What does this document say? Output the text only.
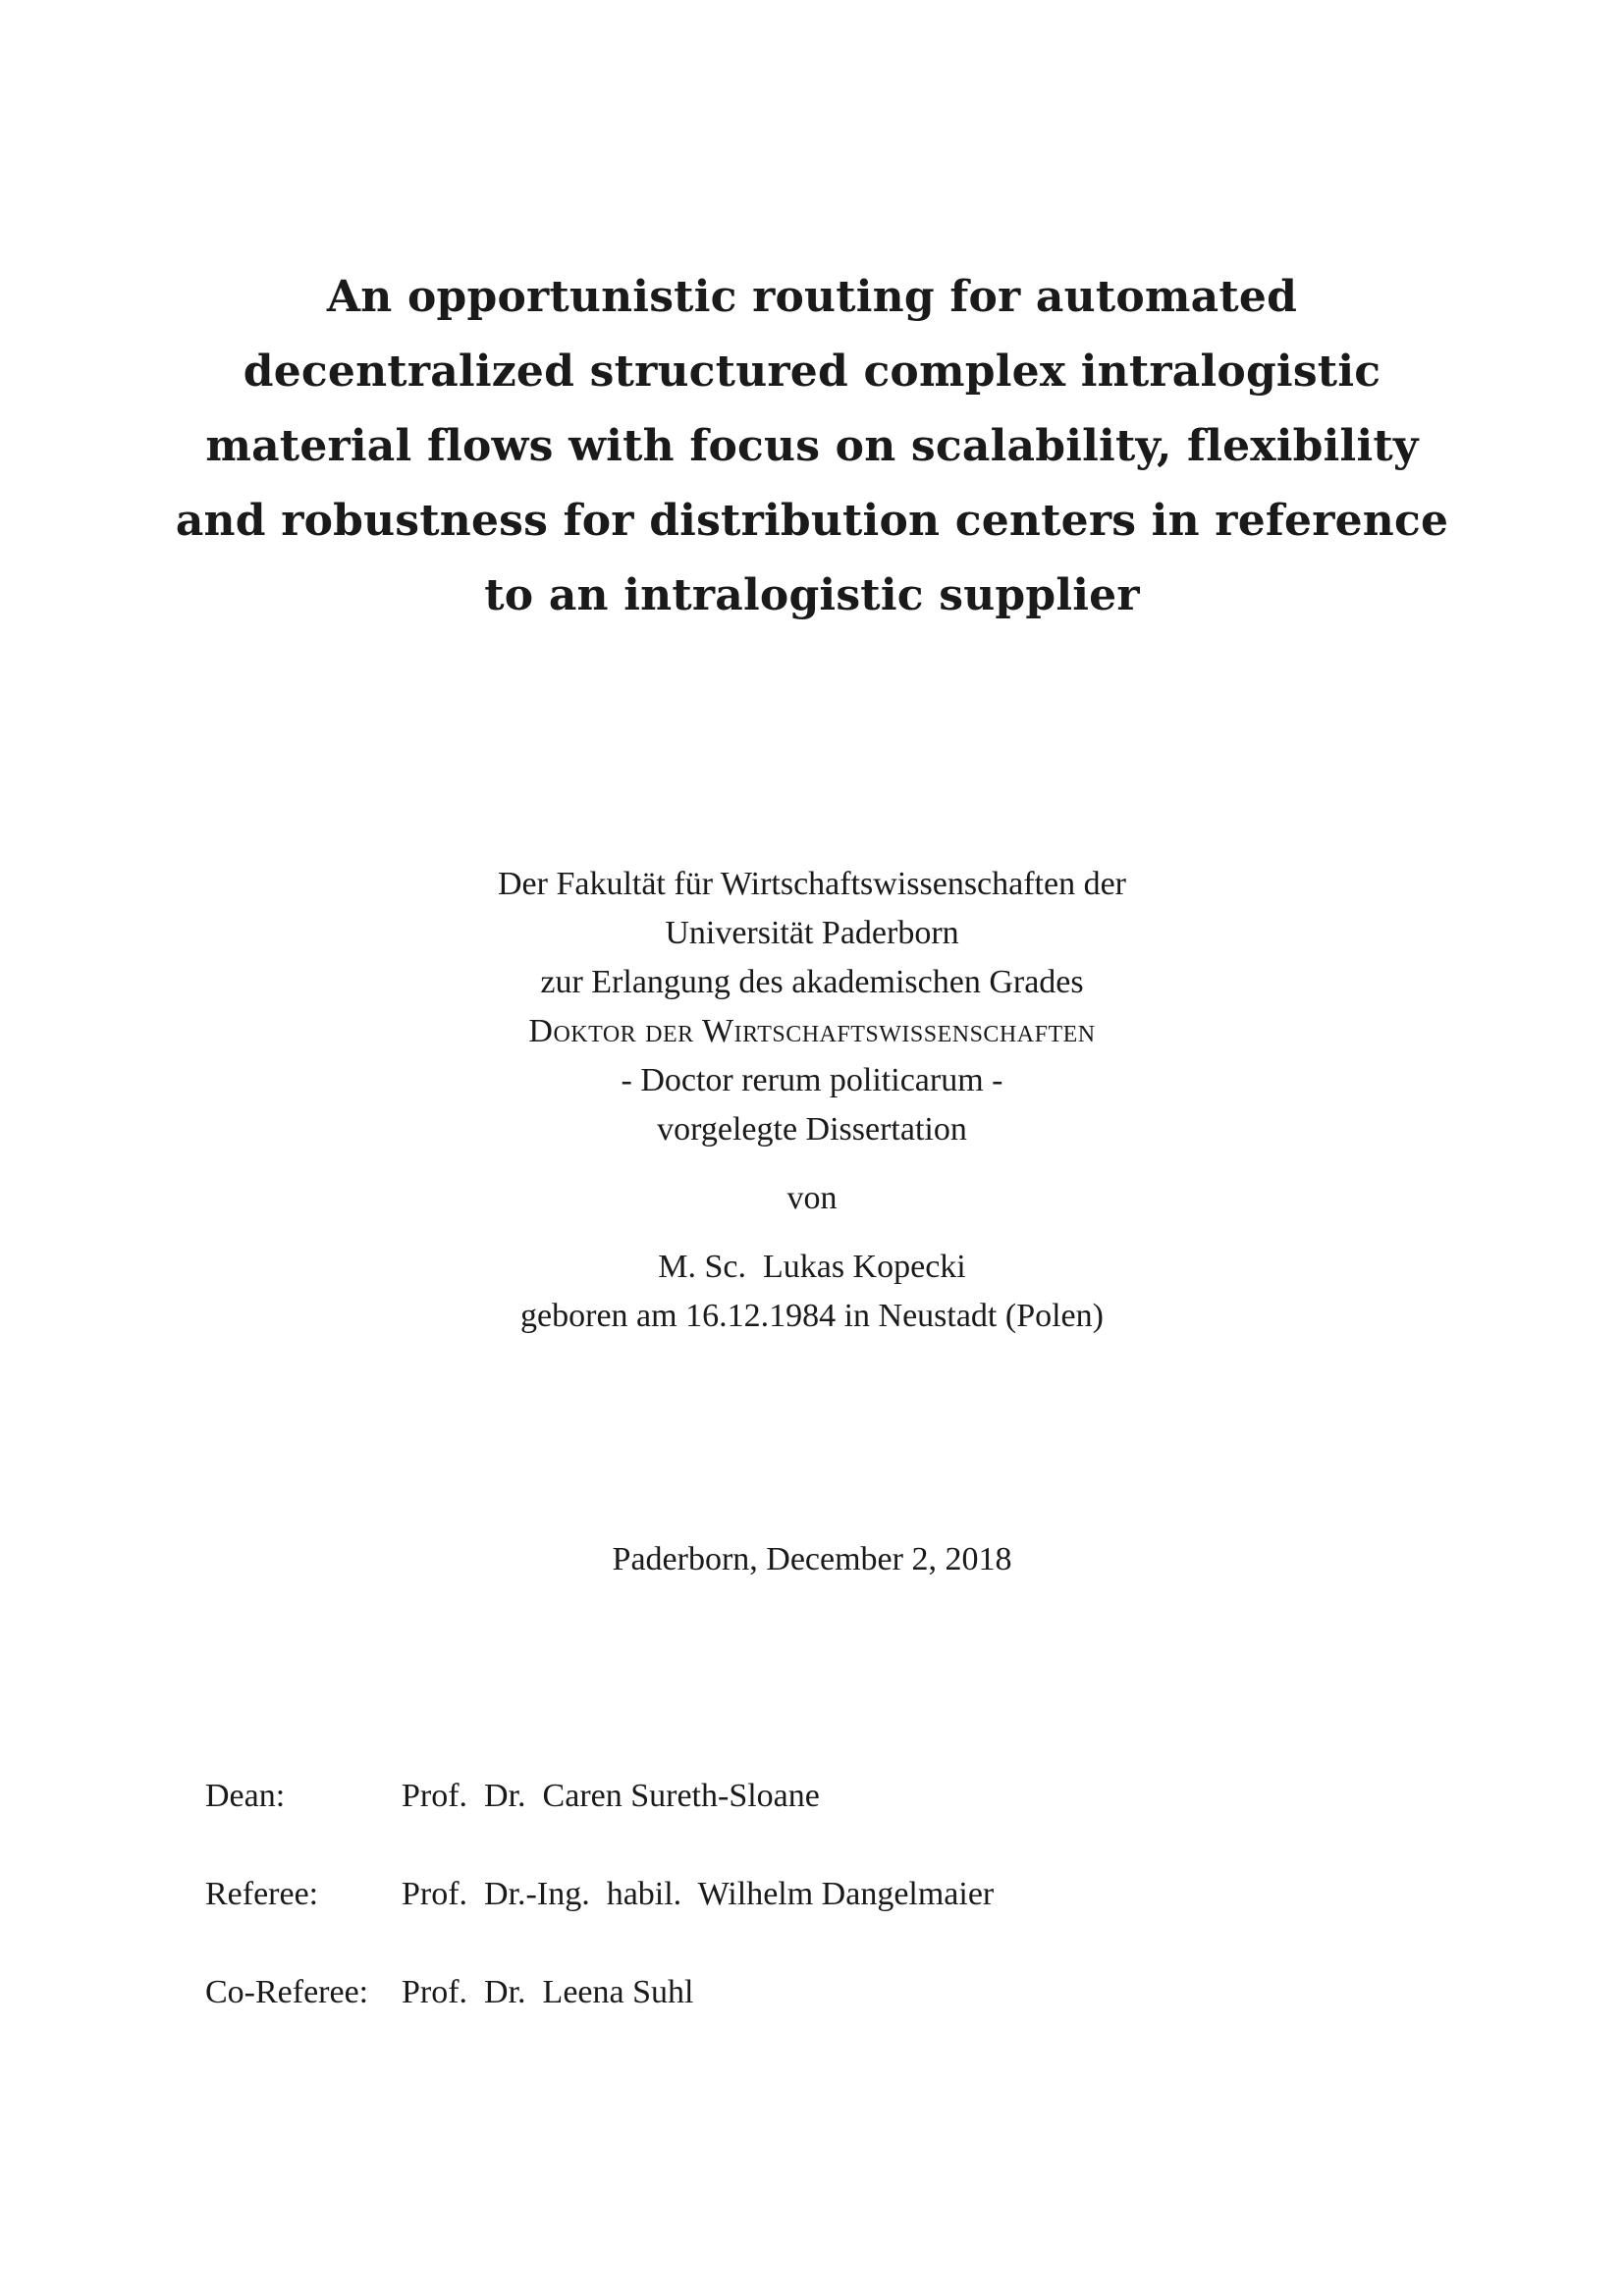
An opportunistic routing for automated
decentralized structured complex intralogistic
material flows with focus on scalability, flexibility
and robustness for distribution centers in reference
to an intralogistic supplier
Der Fakultät für Wirtschaftswissenschaften der
Universität Paderborn
zur Erlangung des akademischen Grades
Doktor der Wirtschaftswissenschaften
- Doctor rerum politicarum -
vorgelegte Dissertation
von
M. Sc.  Lukas Kopecki
geboren am 16.12.1984 in Neustadt (Polen)
Paderborn, December 2, 2018
Dean:	Prof.  Dr.  Caren Sureth-Sloane
Referee:	Prof.  Dr.-Ing.  habil.  Wilhelm Dangelmaier
Co-Referee: Prof.  Dr.  Leena Suhl
